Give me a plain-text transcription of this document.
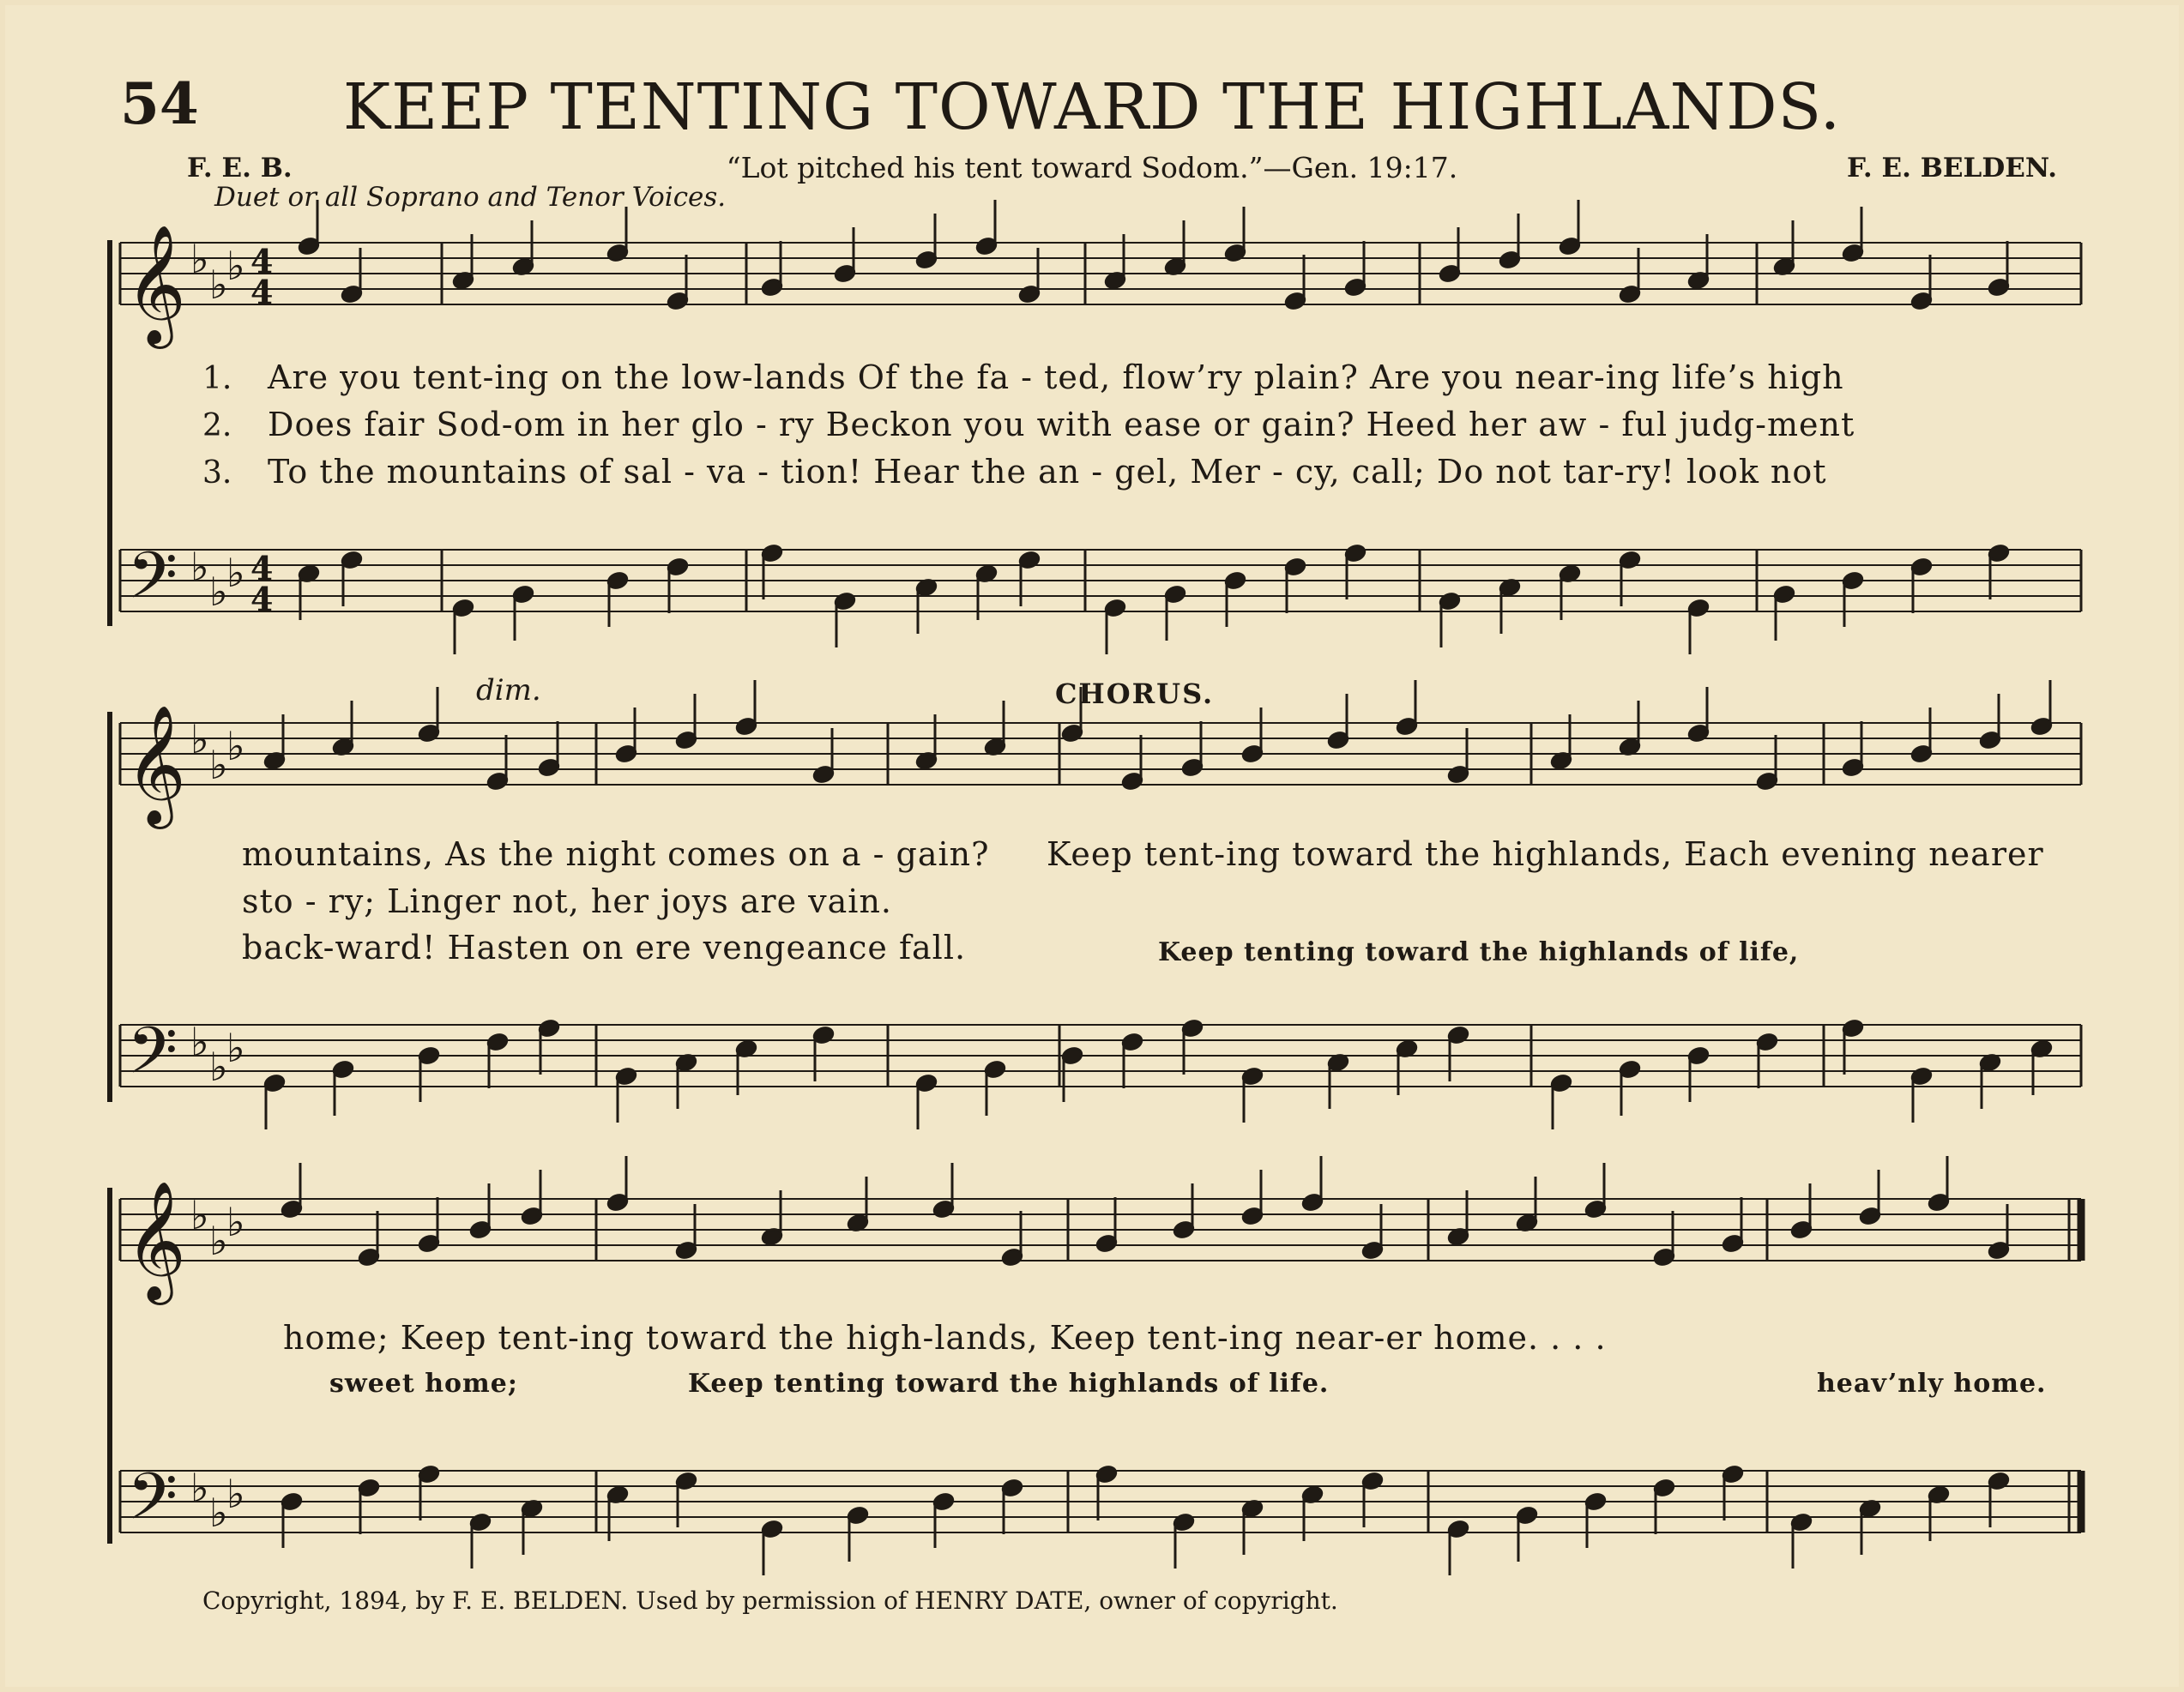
54	KEEP TENTING TOWARD THE HIGHLANDS.
F. E. B.	“Lot pitched his tent toward Sodom.”—Gen. 19:17.	F. E. BELDEN.
Duet or all Soprano and Tenor Voices.
𝄞
𝄢
𝄞
𝄢
𝄞
𝄢
♭
♭
♭
♭
♭
♭
♭
♭
♭
♭
♭
♭
♭
♭
♭
♭
♭
♭
4
4
4
4
1. Are you tent-ing on the low-lands Of the fa - ted, flow’ry plain? Are you near-ing life’s high
2. Does fair Sod-om in her glo - ry Beckon you with ease or gain? Heed her aw - ful judg-ment
3. To the mountains of sal - va - tion! Hear the an - gel, Mer - cy, call; Do not tar-ry! look not
dim.	CHORUS.
mountains, As the night comes on a - gain? Keep tent-ing toward the highlands, Each evening nearer
sto - ry; Linger not, her joys are vain.
back-ward! Hasten on ere vengeance fall.	Keep tenting toward the highlands of life,
home; Keep tent-ing toward the high-lands, Keep tent-ing near-er home. . . .
sweet home;	Keep tenting toward the highlands of life.	heav’nly home.
Copyright, 1894, by F. E. BELDEN. Used by permission of HENRY DATE, owner of copyright.
